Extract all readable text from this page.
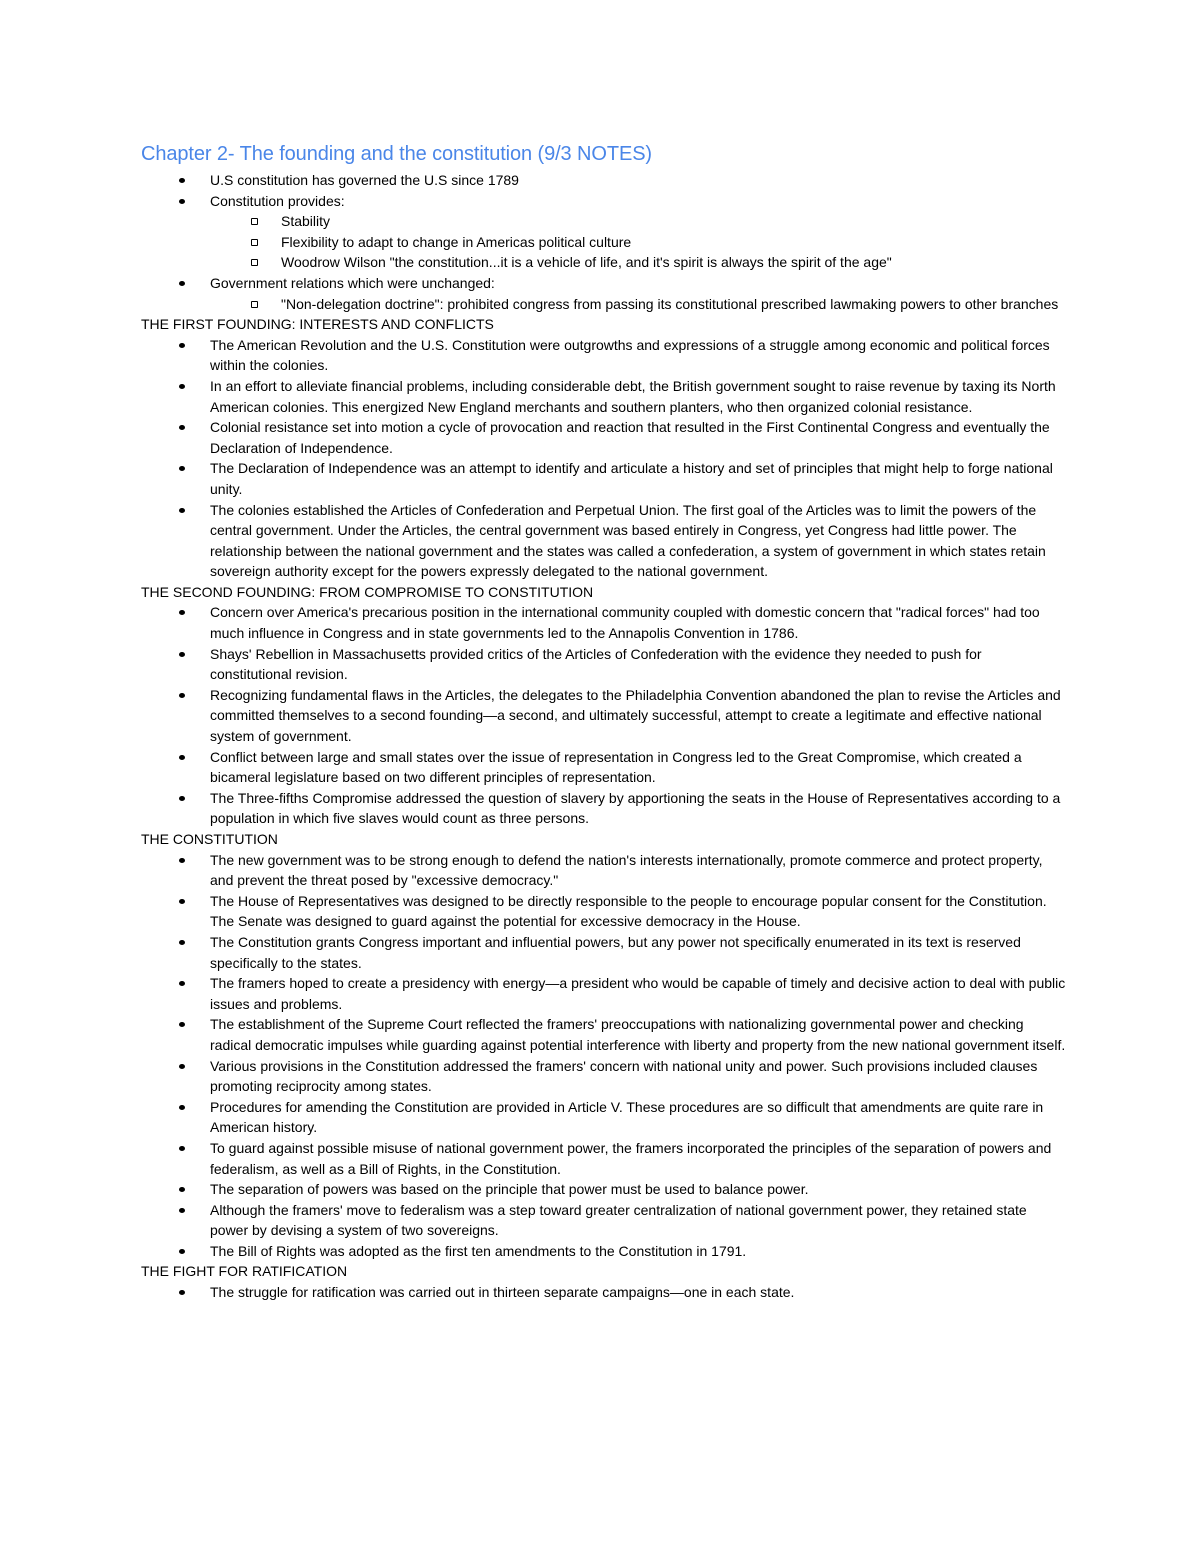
Chapter 2- The founding and the constitution (9/3 NOTES)
U.S constitution has governed the U.S since 1789
Constitution provides:
Stability
Flexibility to adapt to change in Americas political culture
Woodrow Wilson "the constitution...it is a vehicle of life, and it's spirit is always the spirit of the age"
Government relations which were unchanged:
"Non-delegation doctrine": prohibited congress from passing its constitutional prescribed lawmaking powers to other branches
THE FIRST FOUNDING: INTERESTS AND CONFLICTS
The American Revolution and the U.S. Constitution were outgrowths and expressions of a struggle among economic and political forces within the colonies.
In an effort to alleviate financial problems, including considerable debt, the British government sought to raise revenue by taxing its North American colonies. This energized New England merchants and southern planters, who then organized colonial resistance.
Colonial resistance set into motion a cycle of provocation and reaction that resulted in the First Continental Congress and eventually the Declaration of Independence.
The Declaration of Independence was an attempt to identify and articulate a history and set of principles that might help to forge national unity.
The colonies established the Articles of Confederation and Perpetual Union. The first goal of the Articles was to limit the powers of the central government. Under the Articles, the central government was based entirely in Congress, yet Congress had little power. The relationship between the national government and the states was called a confederation, a system of government in which states retain sovereign authority except for the powers expressly delegated to the national government.
THE SECOND FOUNDING: FROM COMPROMISE TO CONSTITUTION
Concern over America's precarious position in the international community coupled with domestic concern that "radical forces" had too much influence in Congress and in state governments led to the Annapolis Convention in 1786.
Shays' Rebellion in Massachusetts provided critics of the Articles of Confederation with the evidence they needed to push for constitutional revision.
Recognizing fundamental flaws in the Articles, the delegates to the Philadelphia Convention abandoned the plan to revise the Articles and committed themselves to a second founding—a second, and ultimately successful, attempt to create a legitimate and effective national system of government.
Conflict between large and small states over the issue of representation in Congress led to the Great Compromise, which created a bicameral legislature based on two different principles of representation.
The Three-fifths Compromise addressed the question of slavery by apportioning the seats in the House of Representatives according to a population in which five slaves would count as three persons.
THE CONSTITUTION
The new government was to be strong enough to defend the nation's interests internationally, promote commerce and protect property, and prevent the threat posed by "excessive democracy."
The House of Representatives was designed to be directly responsible to the people to encourage popular consent for the Constitution. The Senate was designed to guard against the potential for excessive democracy in the House.
The Constitution grants Congress important and influential powers, but any power not specifically enumerated in its text is reserved specifically to the states.
The framers hoped to create a presidency with energy—a president who would be capable of timely and decisive action to deal with public issues and problems.
The establishment of the Supreme Court reflected the framers' preoccupations with nationalizing governmental power and checking radical democratic impulses while guarding against potential interference with liberty and property from the new national government itself.
Various provisions in the Constitution addressed the framers' concern with national unity and power. Such provisions included clauses promoting reciprocity among states.
Procedures for amending the Constitution are provided in Article V. These procedures are so difficult that amendments are quite rare in American history.
To guard against possible misuse of national government power, the framers incorporated the principles of the separation of powers and federalism, as well as a Bill of Rights, in the Constitution.
The separation of powers was based on the principle that power must be used to balance power.
Although the framers' move to federalism was a step toward greater centralization of national government power, they retained state power by devising a system of two sovereigns.
The Bill of Rights was adopted as the first ten amendments to the Constitution in 1791.
THE FIGHT FOR RATIFICATION
The struggle for ratification was carried out in thirteen separate campaigns—one in each state.
